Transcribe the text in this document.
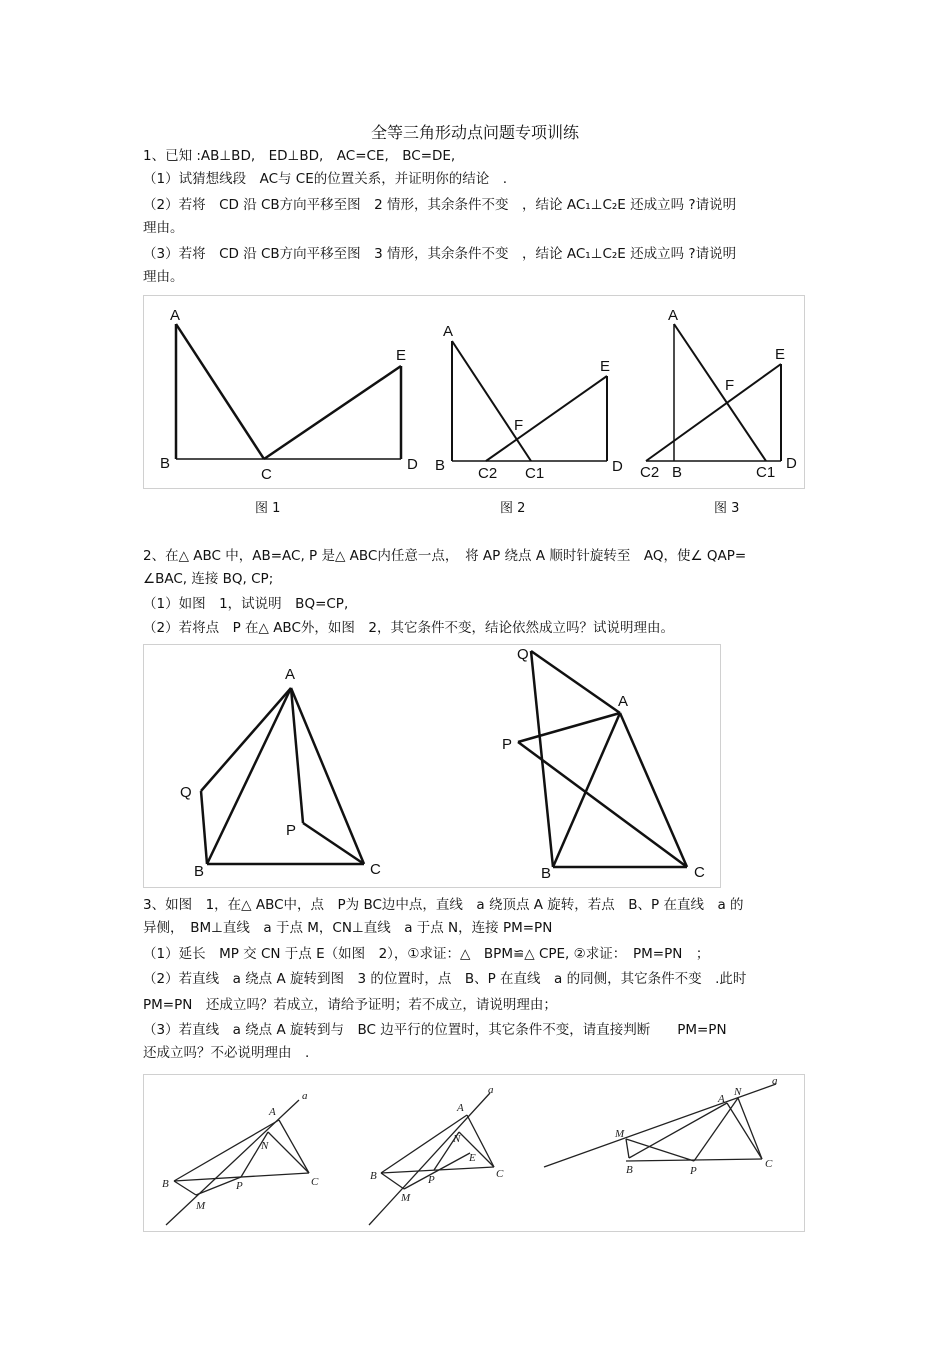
全等三角形动点问题专项训练
1、已知 :AB⊥BD,　ED⊥BD,　AC=CE,　BC=DE,
（1）试猜想线段　AC与 CE的位置关系，并证明你的结论　.
（2）若将　CD 沿 CB方向平移至图　2 情形，其余条件不变　，结论 AC₁⊥C₂E 还成立吗 ?请说明
理由。
（3）若将　CD 沿 CB方向平移至图　3 情形，其余条件不变　，结论 AC₁⊥C₂E 还成立吗 ?请说明
理由。
A
B
C
D
E
A
B C2 C1	D
E
F
A
C2 B	C1
D
E
F
图 1	图 2	图 3
2、在△ ABC 中，AB=AC, P 是△ ABC内任意一点，　将 AP 绕点 A 顺时针旋转至　AQ，使∠ QAP=
∠BAC, 连接 BQ, CP;
（1）如图　1，试说明　BQ=CP,
（2）若将点　P 在△ ABC外，如图　2，其它条件不变，结论依然成立吗？试说明理由。
A
Q
P
B	C
Q
A
P
B	C
3、如图　1，在△ ABC中，点　P为 BC边中点，直线　a 绕顶点 A 旋转，若点　B、P 在直线　a 的
异侧，　BM⊥直线　a 于点 M，CN⊥直线　a 于点 N，连接 PM=PN
（1）延长　MP 交 CN 于点 E（如图　2），①求证：△　BPM≌△ CPE, ②求证：　PM=PN　；
（2）若直线　a 绕点 A 旋转到图　3 的位置时，点　B、P 在直线　a 的同侧，其它条件不变　.此时
PM=PN　还成立吗？若成立，请给予证明；若不成立，请说明理由；
（3）若直线　a 绕点 A 旋转到与　BC 边平行的位置时，其它条件不变，请直接判断　　PM=PN
还成立吗？不必说明理由　.
a
A
N
B	P	C
M
a
A
N
E
B	P	C
M
a
A
N
M
B	P
C
